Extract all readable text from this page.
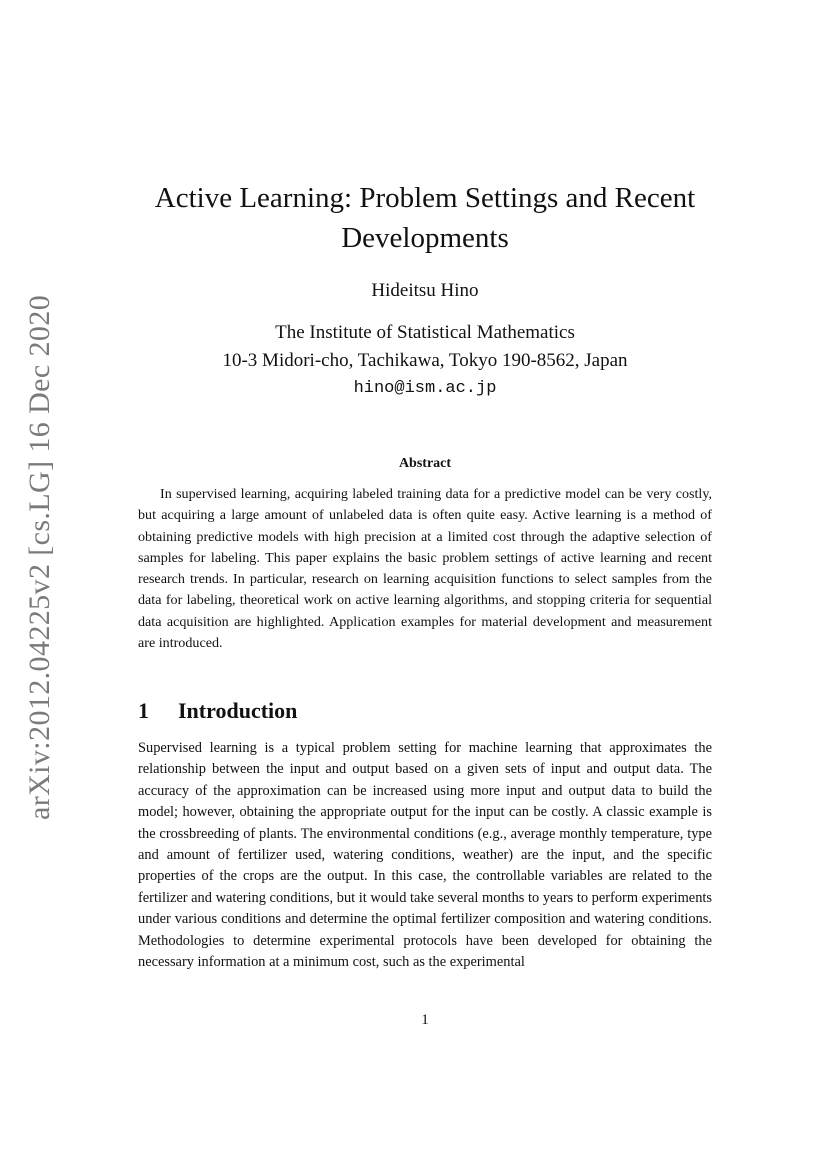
arXiv:2012.04225v2 [cs.LG] 16 Dec 2020
Active Learning: Problem Settings and Recent Developments
Hideitsu Hino
The Institute of Statistical Mathematics
10-3 Midori-cho, Tachikawa, Tokyo 190-8562, Japan
hino@ism.ac.jp
Abstract

In supervised learning, acquiring labeled training data for a predictive model can be very costly, but acquiring a large amount of unlabeled data is often quite easy. Active learning is a method of obtaining predictive models with high precision at a limited cost through the adaptive selection of samples for labeling. This paper explains the basic problem settings of active learning and recent research trends. In particular, research on learning acquisition functions to select samples from the data for labeling, theoretical work on active learning algorithms, and stopping criteria for sequential data acquisition are highlighted. Application examples for material development and measurement are introduced.

1 Introduction

Supervised learning is a typical problem setting for machine learning that approximates the relationship between the input and output based on a given sets of input and output data. The accuracy of the approximation can be increased using more input and output data to build the model; however, obtaining the appropriate output for the input can be costly. A classic example is the crossbreeding of plants. The environmental conditions (e.g., average monthly temperature, type and amount of fertilizer used, watering conditions, weather) are the input, and the specific properties of the crops are the output. In this case, the controllable variables are related to the fertilizer and watering conditions, but it would take several months to years to perform experiments under various conditions and determine the optimal fertilizer composition and watering conditions. Methodologies to determine experimental protocols have been developed for obtaining the necessary information at a minimum cost, such as the experimental

1
